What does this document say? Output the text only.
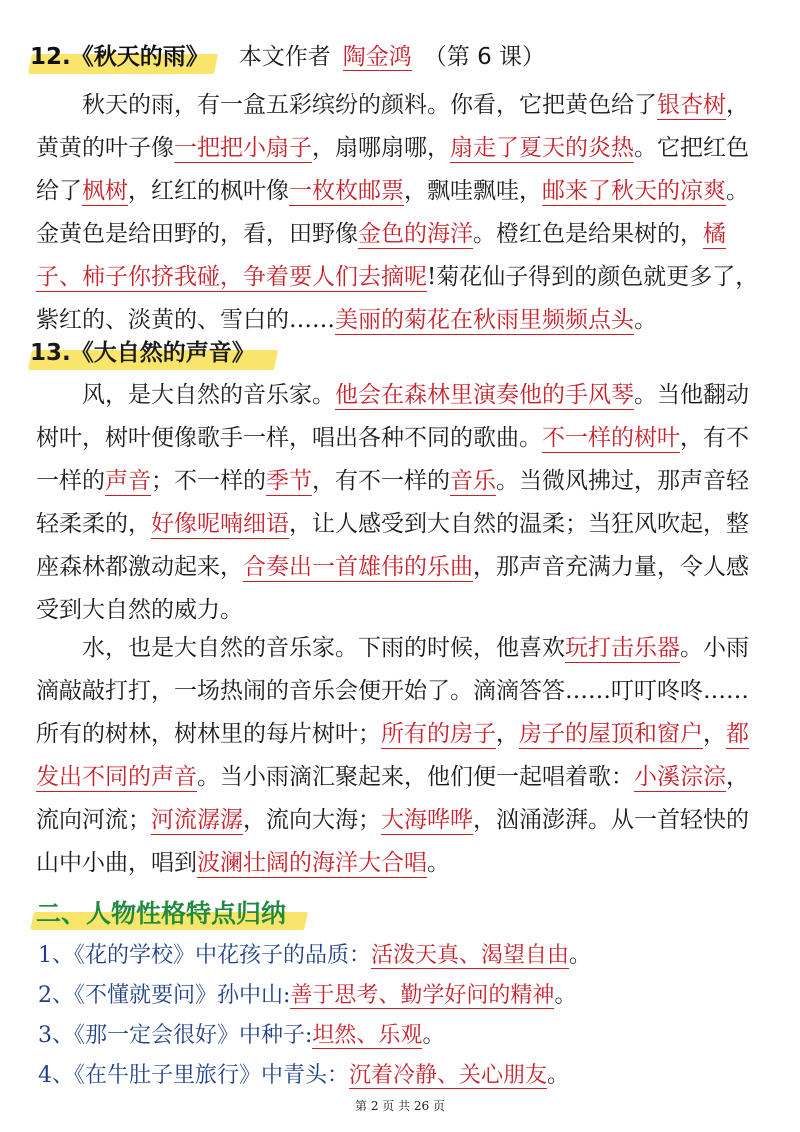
12.《秋天的雨》 本文作者 陶金鸿 （第 6 课）

秋天的雨，有一盒五彩缤纷的颜料。你看，它把黄色给了银杏树，黄黄的叶子像一把把小扇子，扇哪扇哪，扇走了夏天的炎热。它把红色给了枫树，红红的枫叶像一枚枚邮票，飘哇飘哇，邮来了秋天的凉爽。金黄色是给田野的，看，田野像金色的海洋。橙红色是给果树的，橘子、柿子你挤我碰，争着要人们去摘呢!菊花仙子得到的颜色就更多了，紫红的、淡黄的、雪白的……美丽的菊花在秋雨里频频点头。

13.《大自然的声音》

风，是大自然的音乐家。他会在森林里演奏他的手风琴。当他翻动树叶，树叶便像歌手一样，唱出各种不同的歌曲。不一样的树叶，有不一样的声音；不一样的季节，有不一样的音乐。当微风拂过，那声音轻轻柔柔的，好像呢喃细语，让人感受到大自然的温柔；当狂风吹起，整座森林都激动起来，合奏出一首雄伟的乐曲，那声音充满力量，令人感受到大自然的威力。

水，也是大自然的音乐家。下雨的时候，他喜欢玩打击乐器。小雨滴敲敲打打，一场热闹的音乐会便开始了。滴滴答答……叮叮咚咚……所有的树林，树林里的每片树叶；所有的房子，房子的屋顶和窗户，都发出不同的声音。当小雨滴汇聚起来，他们便一起唱着歌：小溪淙淙，流向河流；河流潺潺，流向大海；大海哗哗，汹涌澎湃。从一首轻快的山中小曲，唱到波澜壮阔的海洋大合唱。

二、人物性格特点归纳
1、《花的学校》中花孩子的品质：活泼天真、渴望自由。
2、《不懂就要问》孙中山:善于思考、勤学好问的精神。
3、《那一定会很好》中种子:坦然、乐观。
4、《在牛肚子里旅行》中青头：沉着冷静、关心朋友。
第 2 页 共 26 页
